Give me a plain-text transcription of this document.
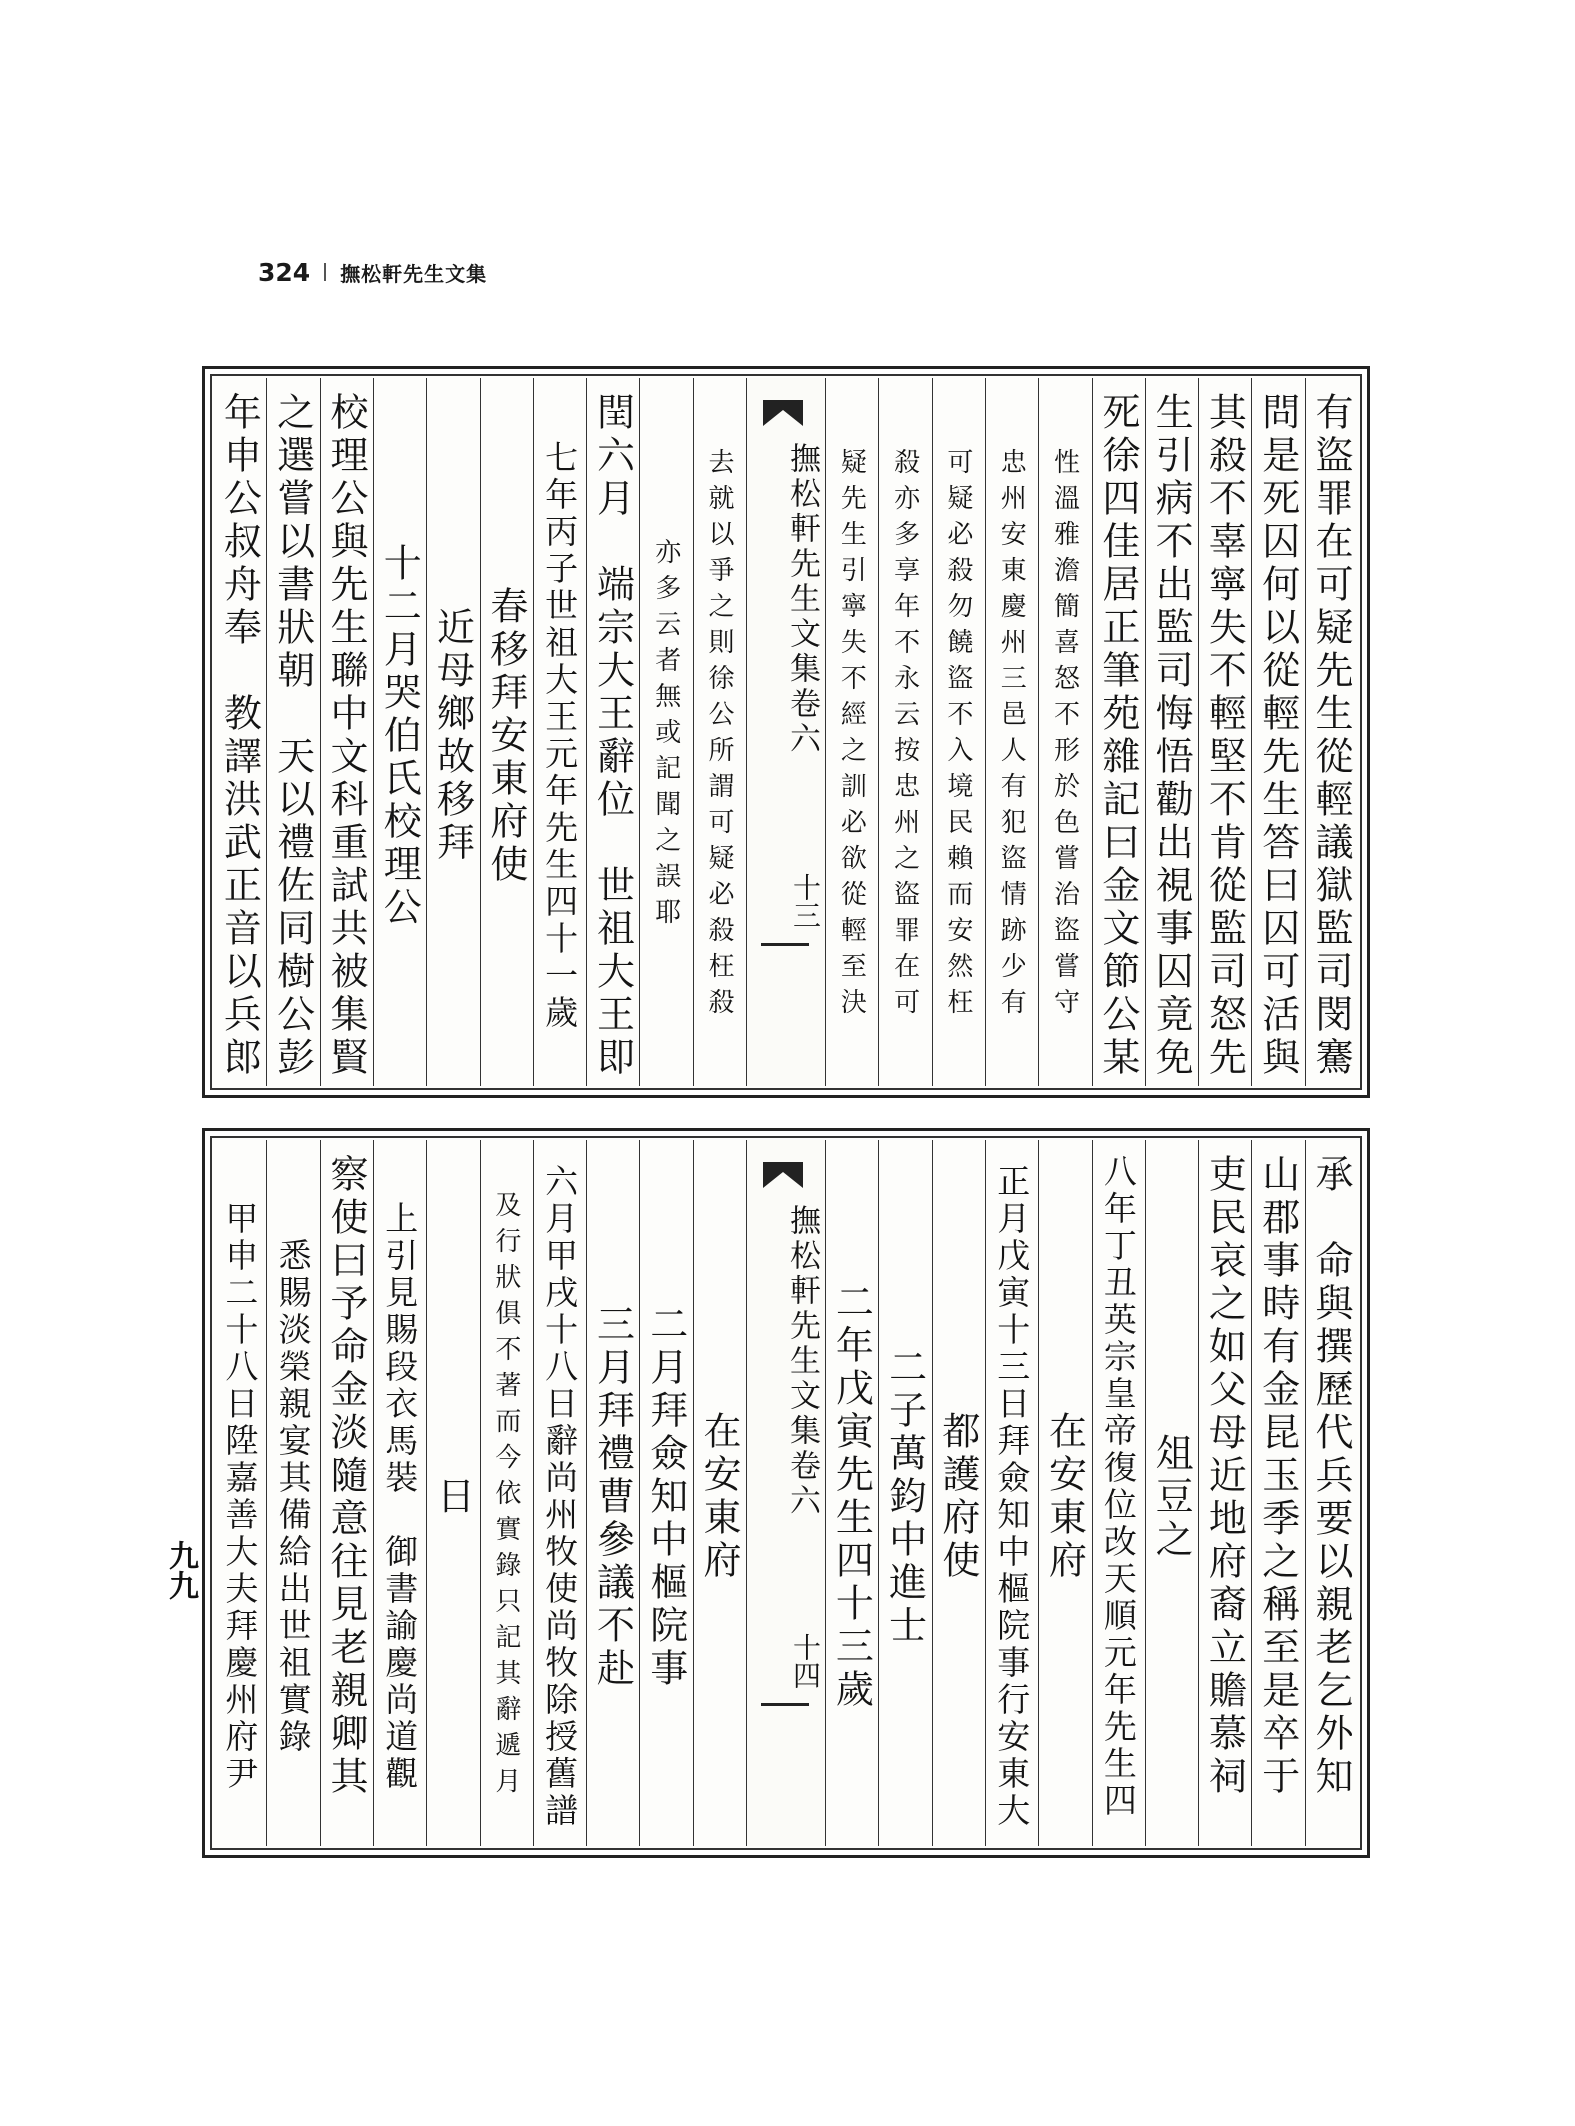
324 撫松軒先生文集
有盜罪在可疑先生從輕議獄監司閔騫
問是死囚何以從輕先生答曰囚可活與
其殺不辜寧失不輕堅不肯從監司怒先
生引病不出監司悔悟勸出視事囚竟免
死徐四佳居正筆苑雜記曰金文節公某
性溫雅澹簡喜怒不形於色嘗治盜嘗守
忠州安東慶州三邑人有犯盜情跡少有
可疑必殺勿饒盜不入境民賴而安然枉
殺亦多享年不永云按忠州之盜罪在可
疑先生引寧失不經之訓必欲從輕至決
撫松軒先生文集卷六
十三
去就以爭之則徐公所謂可疑必殺枉殺
亦多云者無或記聞之誤耶
閏六月　端宗大王辭位　世祖大王即
七年丙子世祖大王元年先生四十一歲
春移拜安東府使
近母鄉故移拜
十二月哭伯氏校理公
校理公與先生聯中文科重試共被集賢
之選嘗以書狀朝　天以禮佐同樹公彭
年申公叔舟奉　教譯洪武正音以兵郎
承　命與撰歷代兵要以親老乞外知
山郡事時有金昆玉季之稱至是卒于
吏民哀之如父母近地府裔立贍慕祠
俎豆之
八年丁丑英宗皇帝復位改天順元年先生四
在安東府
正月戊寅十三日拜僉知中樞院事行安東大
都護府使
二子萬鈞中進士
二年戊寅先生四十三歲
撫松軒先生文集卷六
十四
在安東府
二月拜僉知中樞院事
三月拜禮曹參議不赴
六月甲戌十八日辭尚州牧使尚牧除授舊譜
及行狀俱不著而今依實錄只記其辭遞月
日
上引見賜段衣馬裝　御書諭慶尚道觀
察使曰予命金淡隨意往見老親卿其
悉賜淡榮親宴其備給出世祖實錄
甲申二十八日陞嘉善大夫拜慶州府尹
九九
